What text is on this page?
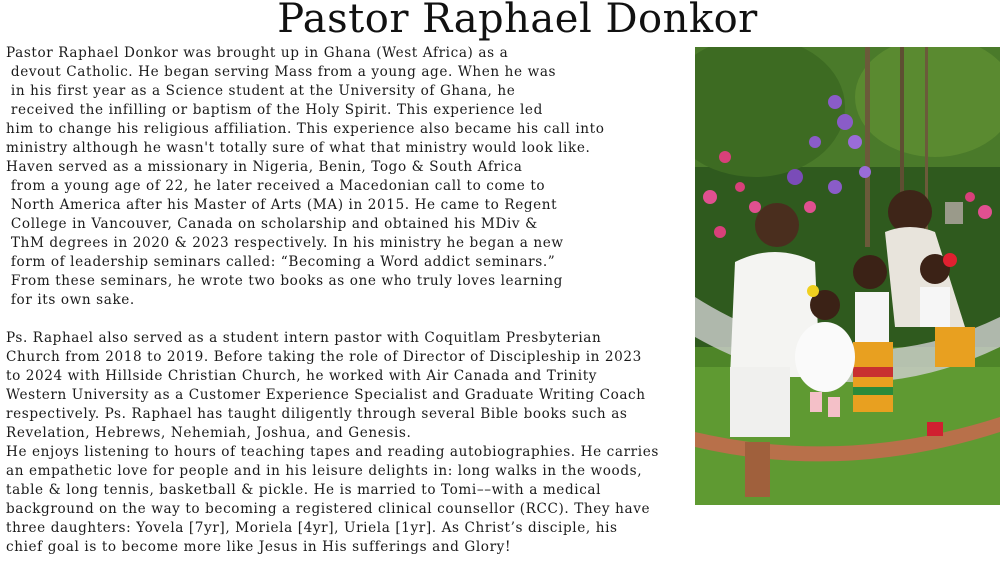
Pastor Raphael Donkor
Pastor Raphael Donkor was brought up in Ghana (West Africa) as a
devout Catholic. He began serving Mass from a young age. When he was
in his first year as a Science student at the University of Ghana, he
received the infilling or baptism of the Holy Spirit. This experience led
him to change his religious affiliation. This experience also became his call into
ministry although he wasn't totally sure of what that ministry would look like.
Haven served as a missionary in Nigeria, Benin, Togo & South Africa
from a young age of 22, he later received a Macedonian call to come to
North America after his Master of Arts (MA) in 2015. He came to Regent
College in Vancouver, Canada on scholarship and obtained his MDiv &
ThM degrees in 2020 & 2023 respectively. In his ministry he began a new
form of leadership seminars called: “Becoming a Word addict seminars.”
From these seminars, he wrote two books as one who truly loves learning
for its own sake.
Ps. Raphael also served as a student intern pastor with Coquitlam Presbyterian
Church from 2018 to 2019. Before taking the role of Director of Discipleship in 2023
to 2024 with Hillside Christian Church, he worked with Air Canada and Trinity
Western University as a Customer Experience Specialist and Graduate Writing Coach
respectively. Ps. Raphael has taught diligently through several Bible books such as
Revelation, Hebrews, Nehemiah, Joshua, and Genesis.
He enjoys listening to hours of teaching tapes and reading autobiographies. He carries
an empathetic love for people and in his leisure delights in: long walks in the woods,
table & long tennis, basketball & pickle. He is married to Tomi––with a medical
background on the way to becoming a registered clinical counsellor (RCC). They have
three daughters: Yovela [7yr], Moriela [4yr], Uriela [1yr]. As Christ’s disciple, his
chief goal is to become more like Jesus in His sufferings and Glory!
